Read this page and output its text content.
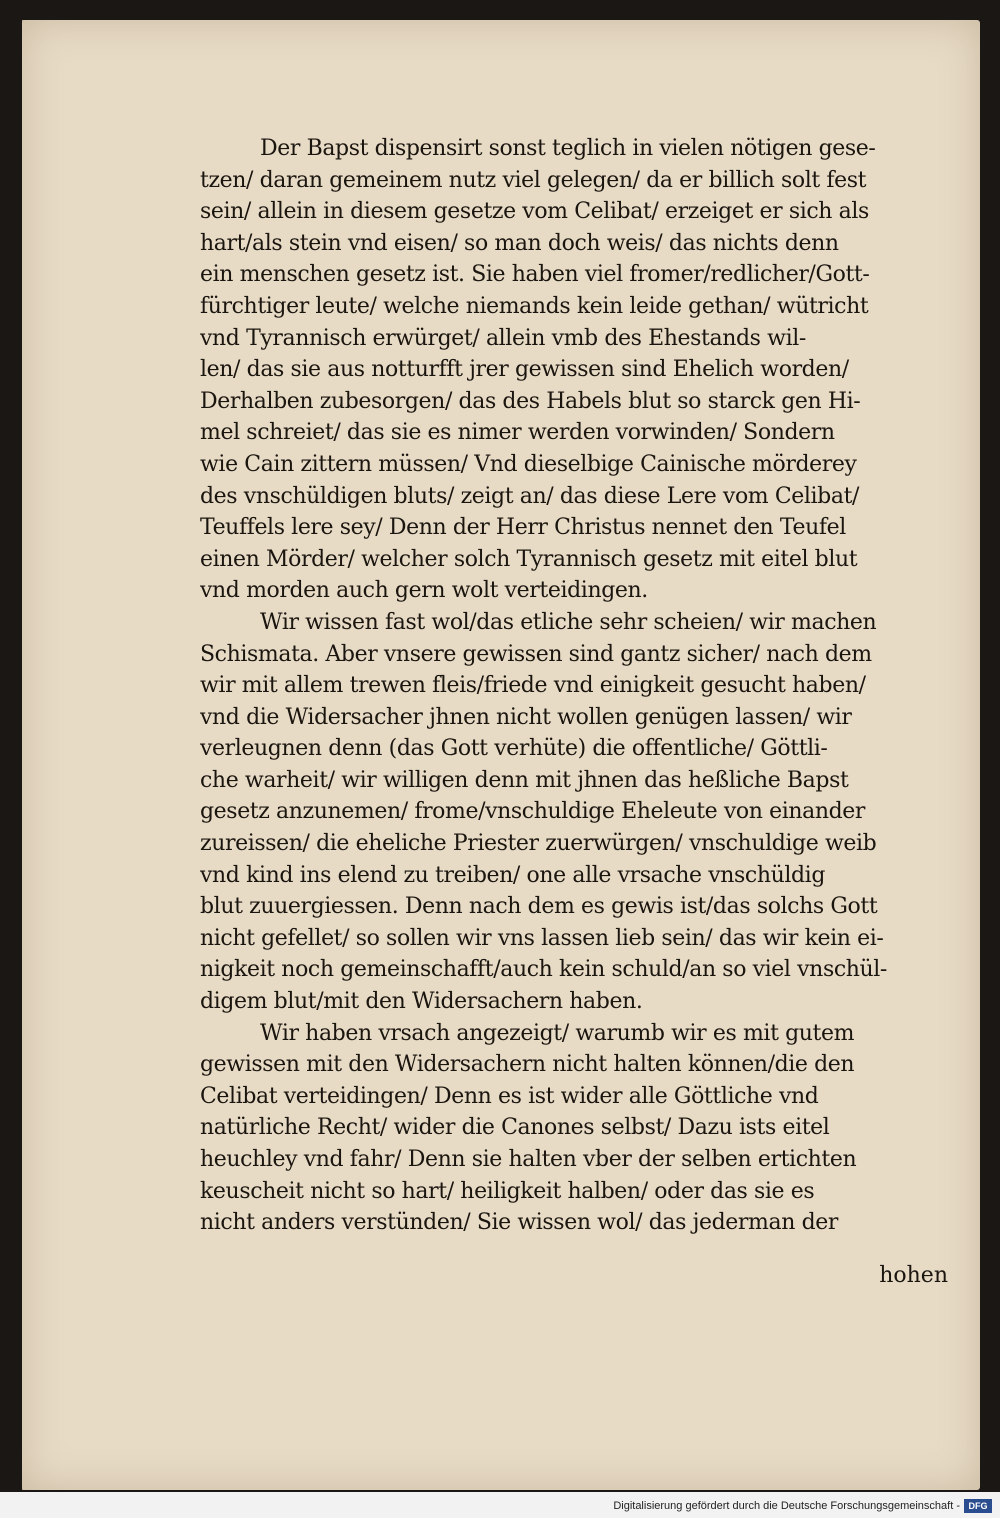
Der Bapst dispensirt sonst teglich in vielen nötigen gese-
tzen/ daran gemeinem nutz viel gelegen/ da er billich solt fest
sein/ allein in diesem gesetze vom Celibat/ erzeiget er sich als
hart/als stein vnd eisen/ so man doch weis/ das nichts denn
ein menschen gesetz ist. Sie haben viel fromer/redlicher/Gott-
fürchtiger leute/ welche niemands kein leide gethan/ wütricht
vnd Tyrannisch erwürget/ allein vmb des Ehestands wil-
len/ das sie aus notturfft jrer gewissen sind Ehelich worden/
Derhalben zubesorgen/ das des Habels blut so starck gen Hi-
mel schreiet/ das sie es nimer werden vorwinden/ Sondern
wie Cain zittern müssen/ Vnd dieselbige Cainische mörderey
des vnschüldigen bluts/ zeigt an/ das diese Lere vom Celibat/
Teuffels lere sey/ Denn der Herr Christus nennet den Teufel
einen Mörder/ welcher solch Tyrannisch gesetz mit eitel blut
vnd morden auch gern wolt verteidingen.
Wir wissen fast wol/das etliche sehr scheien/ wir machen
Schismata. Aber vnsere gewissen sind gantz sicher/ nach dem
wir mit allem trewen fleis/friede vnd einigkeit gesucht haben/
vnd die Widersacher jhnen nicht wollen genügen lassen/ wir
verleugnen denn (das Gott verhüte) die offentliche/ Göttli-
che warheit/ wir willigen denn mit jhnen das heßliche Bapst
gesetz anzunemen/ frome/vnschuldige Eheleute von einander
zureissen/ die eheliche Priester zuerwürgen/ vnschuldige weib
vnd kind ins elend zu treiben/ one alle vrsache vnschüldig
blut zuuergiessen. Denn nach dem es gewis ist/das solchs Gott
nicht gefellet/ so sollen wir vns lassen lieb sein/ das wir kein ei-
nigkeit noch gemeinschafft/auch kein schuld/an so viel vnschül-
digem blut/mit den Widersachern haben.
Wir haben vrsach angezeigt/ warumb wir es mit gutem
gewissen mit den Widersachern nicht halten können/die den
Celibat verteidingen/ Denn es ist wider alle Göttliche vnd
natürliche Recht/ wider die Canones selbst/ Dazu ists eitel
heuchley vnd fahr/ Denn sie halten vber der selben ertichten
keuscheit nicht so hart/ heiligkeit halben/ oder das sie es
nicht anders verstünden/ Sie wissen wol/ das jederman der
hohen
Digitalisierung gefördert durch die Deutsche Forschungsgemeinschaft - DFG
